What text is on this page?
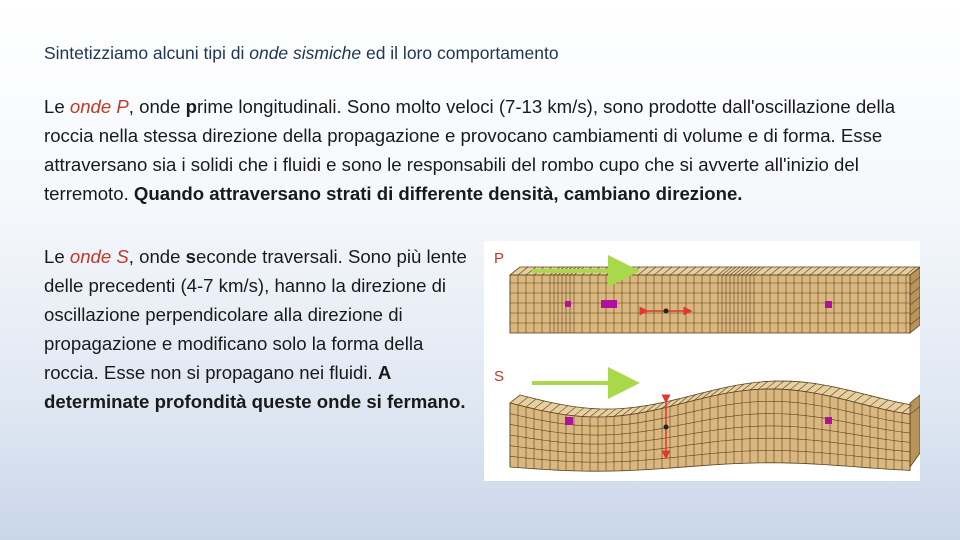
Sintetizziamo alcuni tipi di onde sismiche ed il loro comportamento
Le onde P, onde prime longitudinali. Sono molto veloci (7-13 km/s), sono prodotte dall'oscillazione della roccia nella stessa direzione della propagazione e provocano cambiamenti di volume e di forma. Esse attraversano sia i solidi che i fluidi e sono le responsabili del rombo cupo che si avverte all'inizio del terremoto. Quando attraversano strati di differente densità, cambiano direzione.
Le onde S, onde seconde traversali. Sono più lente delle precedenti (4-7 km/s), hanno la direzione di oscillazione perpendicolare alla direzione di propagazione e modificano solo la forma della roccia. Esse non si propagano nei fluidi. A determinate profondità queste onde si fermano.
P
S
